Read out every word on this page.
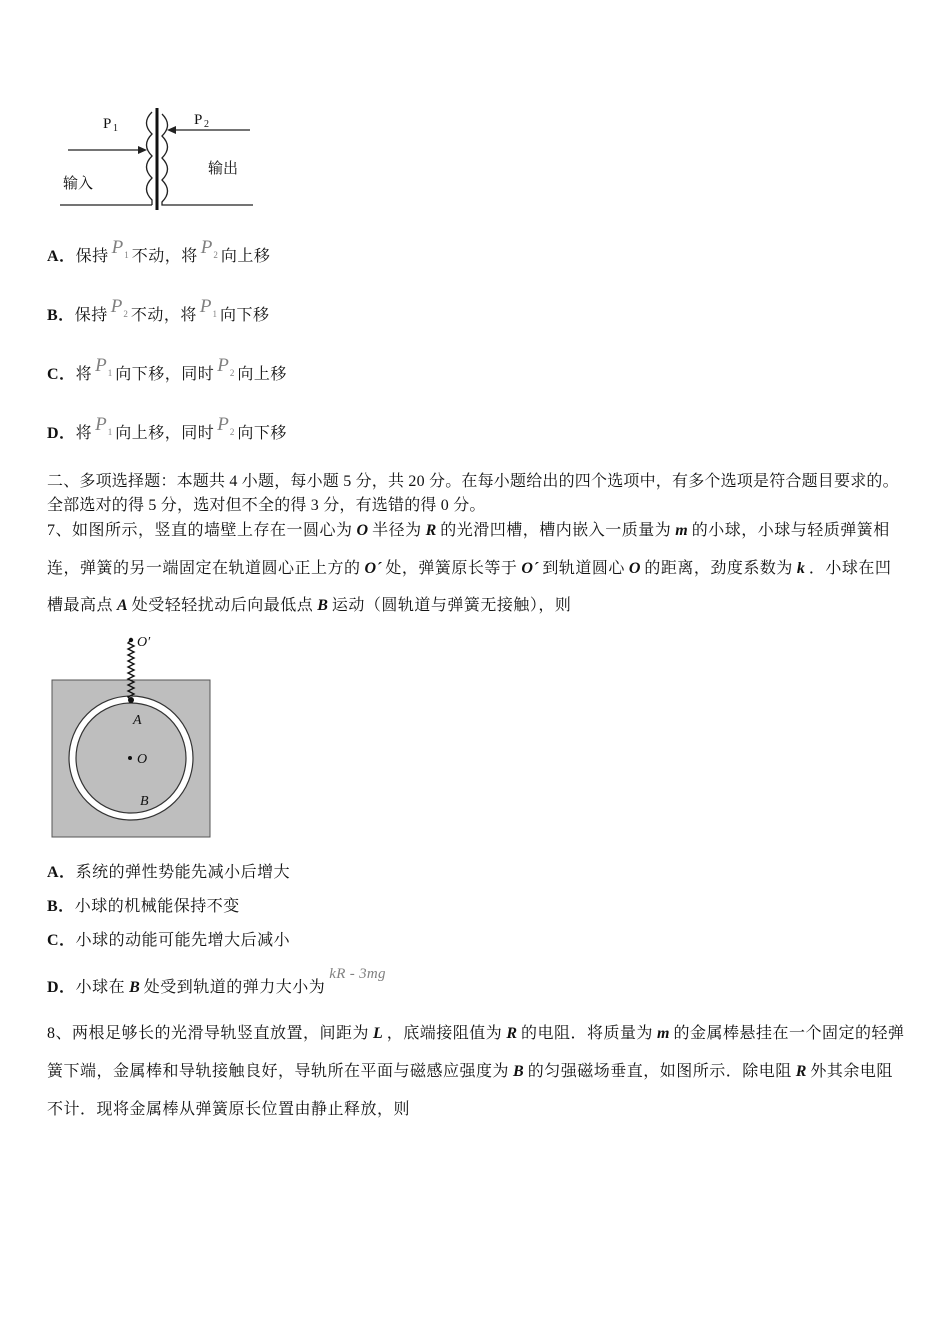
P 1
P 2
输入
输出
A． 保持 $P_1$ 不动，将 $P_2$ 向上移
B． 保持 $P_2$ 不动，将 $P_1$ 向下移
C． 将 $P_1$ 向下移，同时 $P_2$ 向上移
D． 将 $P_1$ 向上移，同时 $P_2$ 向下移
二、多项选择题：本题共 4 小题，每小题 5 分，共 20 分。在每小题给出的四个选项中，有多个选项是符合题目要求的。
全部选对的得 5 分，选对但不全的得 3 分，有选错的得 0 分。
7、如图所示，竖直的墙壁上存在一圆心为 O 半径为 R 的光滑凹槽，槽内嵌入一质量为 m 的小球，小球与轻质弹簧相
连，弹簧的另一端固定在轨道圆心正上方的 O´ 处，弹簧原长等于 O´ 到轨道圆心 O 的距离，劲度系数为 k ．小球在凹
槽最高点 A 处受轻轻扰动后向最低点 B 运动（圆轨道与弹簧无接触），则
O′
A
O
B
A． 系统的弹性势能先减小后增大
B． 小球的机械能保持不变
C． 小球的动能可能先增大后减小
D． 小球在 B 处受到轨道的弹力大小为
kR - 3mg
8、两根足够长的光滑导轨竖直放置，间距为 L ，底端接阻值为 R 的电阻．将质量为 m 的金属棒悬挂在一个固定的轻弹
簧下端，金属棒和导轨接触良好，导轨所在平面与磁感应强度为 B 的匀强磁场垂直，如图所示．除电阻 R 外其余电阻
不计．现将金属棒从弹簧原长位置由静止释放，则
